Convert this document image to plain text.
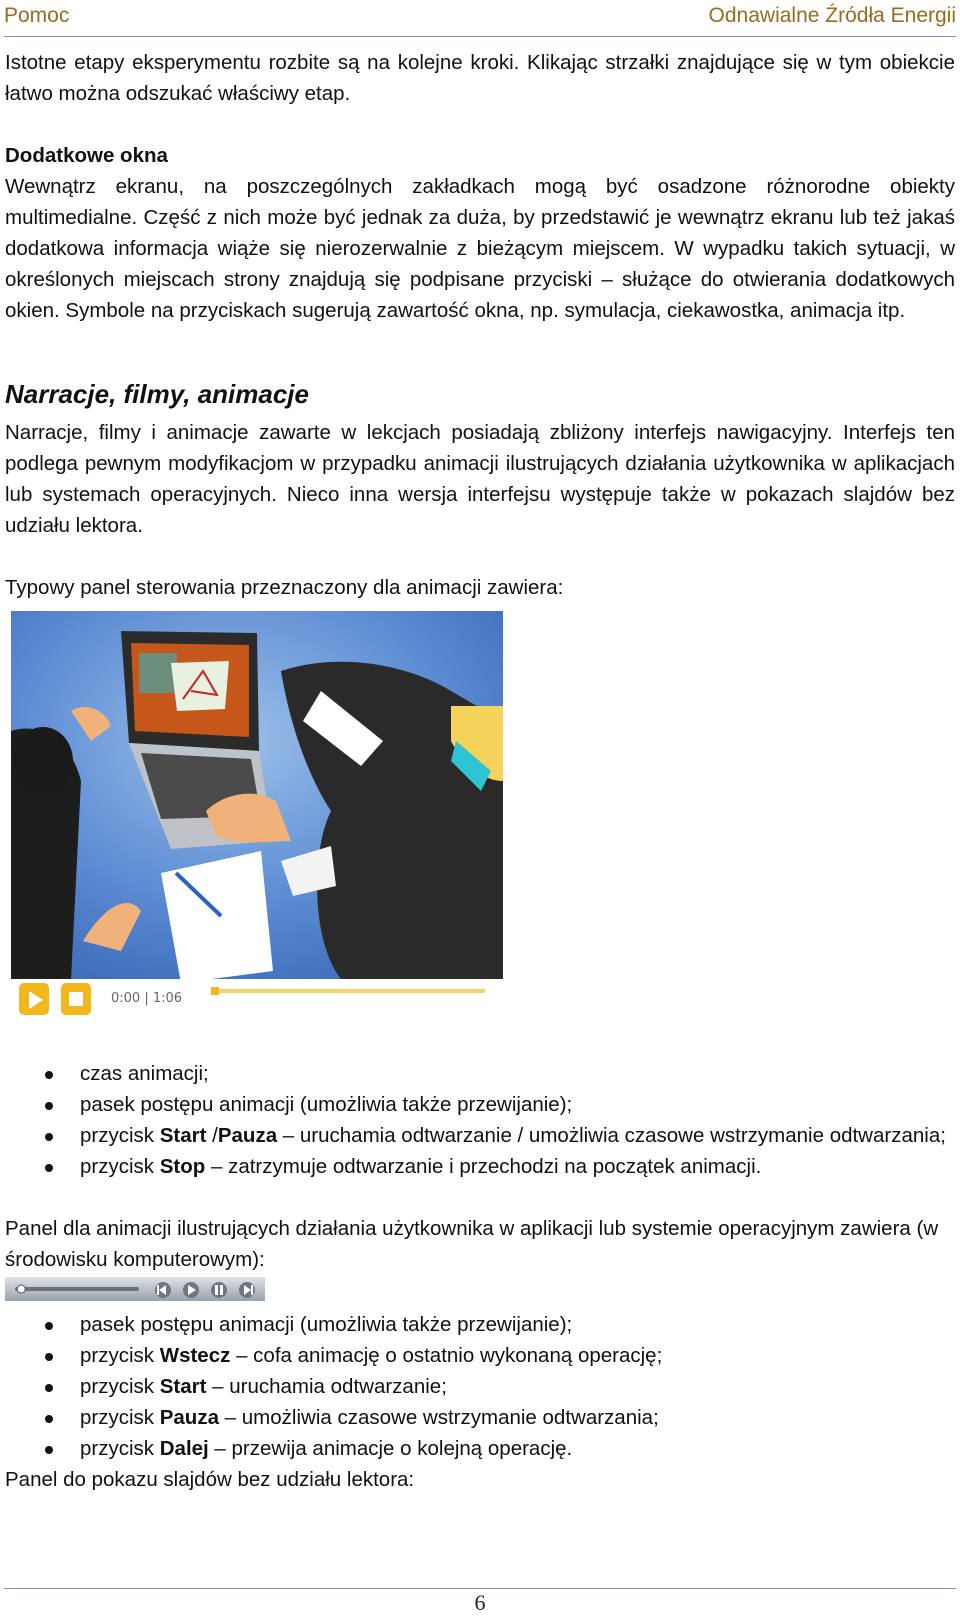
Pomoc	Odnawialne Źródła Energii

Istotne etapy eksperymentu rozbite są na kolejne kroki. Klikając strzałki znajdujące się w tym obiekcie łatwo można odszukać właściwy etap.

Dodatkowe okna

Wewnątrz ekranu, na poszczególnych zakładkach mogą być osadzone różnorodne obiekty multimedialne. Część z nich może być jednak za duża, by przedstawić je wewnątrz ekranu lub też jakaś dodatkowa informacja wiąże się nierozerwalnie z bieżącym miejscem. W wypadku takich sytuacji, w określonych miejscach strony znajdują się podpisane przyciski – służące do otwierania dodatkowych okien. Symbole na przyciskach sugerują zawartość okna, np. symulacja, ciekawostka, animacja itp.

Narracje, filmy, animacje

Narracje, filmy i animacje zawarte w lekcjach posiadają zbliżony interfejs nawigacyjny. Interfejs ten podlega pewnym modyfikacjom w przypadku animacji ilustrujących działania użytkownika w aplikacjach lub systemach operacyjnych. Nieco inna wersja interfejsu występuje także w pokazach slajdów bez udziału lektora.

Typowy panel sterowania przeznaczony dla animacji zawiera:

0:00 | 1:06
czas animacji;
pasek postępu animacji (umożliwia także przewijanie);
przycisk Start /Pauza – uruchamia odtwarzanie / umożliwia czasowe wstrzymanie odtwarzania;
przycisk Stop – zatrzymuje odtwarzanie i przechodzi na początek animacji.

Panel dla animacji ilustrujących działania użytkownika w aplikacji lub systemie operacyjnym zawiera (w środowisku komputerowym):

pasek postępu animacji (umożliwia także przewijanie);
przycisk Wstecz – cofa animację o ostatnio wykonaną operację;
przycisk Start – uruchamia odtwarzanie;
przycisk Pauza – umożliwia czasowe wstrzymanie odtwarzania;
przycisk Dalej – przewija animacje o kolejną operację.

Panel do pokazu slajdów bez udziału lektora:

6
